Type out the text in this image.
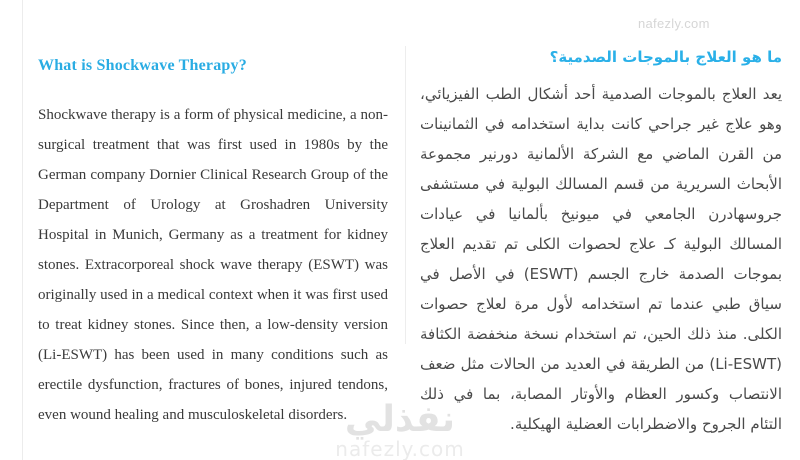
nafezly.com
What is Shockwave Therapy?

Shockwave therapy is a form of physical medicine, a non-surgical treatment that was first used in 1980s by the German company Dornier Clinical Research Group of the Department of Urology at Groshadren University Hospital in Munich, Germany as a treatment for kidney stones. Extracorporeal shock wave therapy (ESWT) was originally used in a medical context when it was first used to treat kidney stones. Since then, a low-density version (Li-ESWT) has been used in many conditions such as erectile dysfunction, fractures of bones, injured tendons, even wound healing and musculoskeletal disorders.

ما هو العلاج بالموجات الصدمية؟

يعد العلاج بالموجات الصدمية أحد أشكال الطب الفيزيائي، وهو علاج غير جراحي كانت بداية استخدامه في الثمانينات من القرن الماضي مع الشركة الألمانية دورنير مجموعة الأبحاث السريرية من قسم المسالك البولية في مستشفى جروسهادرن الجامعي في ميونيخ بألمانيا في عيادات المسالك البولية كـ علاج لحصوات الكلى تم تقديم العلاج بموجات الصدمة خارج الجسم (ESWT) في الأصل في سياق طبي عندما تم استخدامه لأول مرة لعلاج حصوات الكلى. منذ ذلك الحين، تم استخدام نسخة منخفضة الكثافة (Li-ESWT) من الطريقة في العديد من الحالات مثل ضعف الانتصاب وكسور العظام والأوتار المصابة، بما في ذلك التئام الجروح والاضطرابات العضلية الهيكلية.

نفذلي
nafezly.com
